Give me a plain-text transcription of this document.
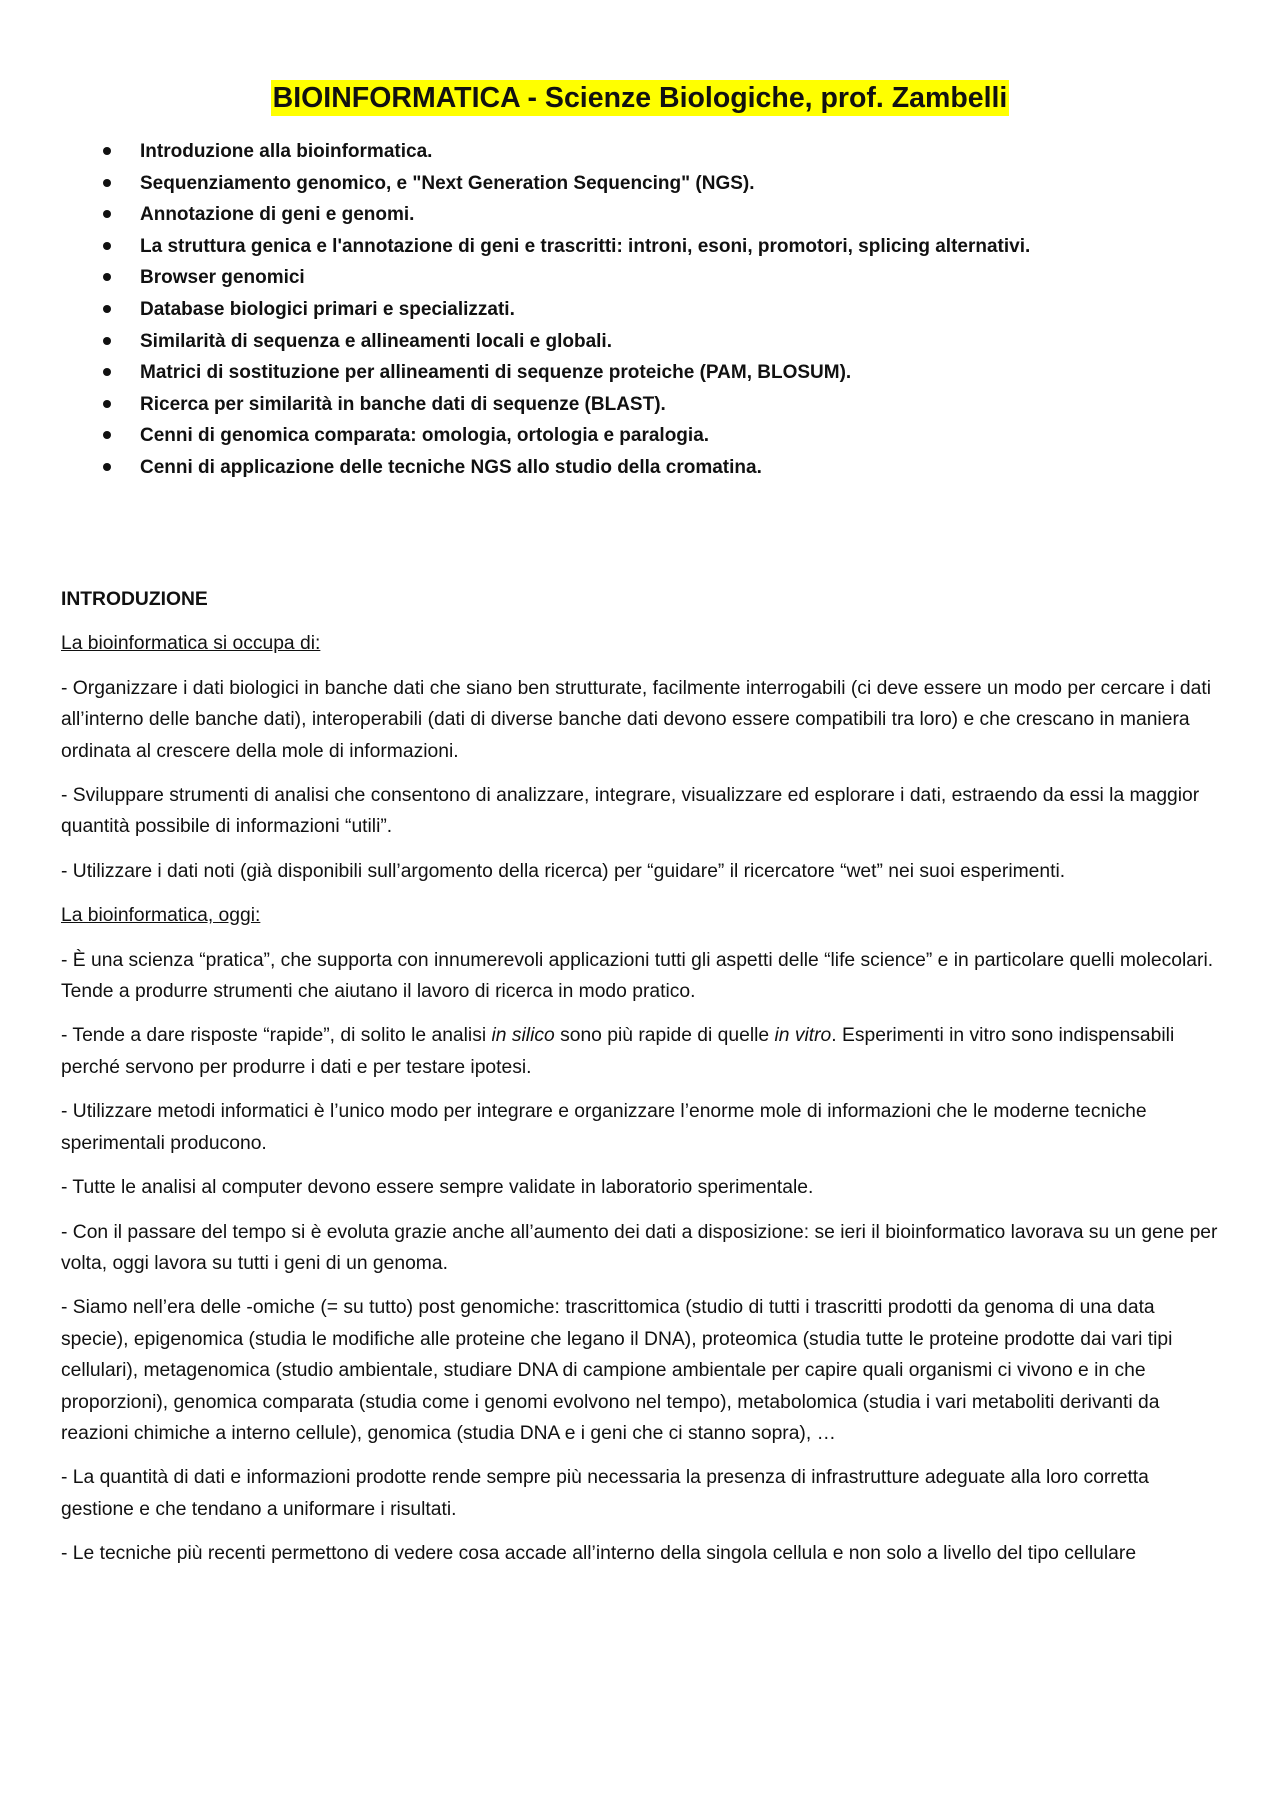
BIOINFORMATICA - Scienze Biologiche, prof. Zambelli
Introduzione alla bioinformatica.
Sequenziamento genomico, e "Next Generation Sequencing" (NGS).
Annotazione di geni e genomi.
La struttura genica e l'annotazione di geni e trascritti: introni, esoni, promotori, splicing alternativi.
Browser genomici
Database biologici primari e specializzati.
Similarità di sequenza e allineamenti locali e globali.
Matrici di sostituzione per allineamenti di sequenze proteiche (PAM, BLOSUM).
Ricerca per similarità in banche dati di sequenze (BLAST).
Cenni di genomica comparata: omologia, ortologia e paralogia.
Cenni di applicazione delle tecniche NGS allo studio della cromatina.
INTRODUZIONE
La bioinformatica si occupa di:

- Organizzare i dati biologici in banche dati che siano ben strutturate, facilmente interrogabili (ci deve essere un modo per cercare i dati all’interno delle banche dati), interoperabili (dati di diverse banche dati devono essere compatibili tra loro) e che crescano in maniera ordinata al crescere della mole di informazioni.

- Sviluppare strumenti di analisi che consentono di analizzare, integrare, visualizzare ed esplorare i dati, estraendo da essi la maggior quantità possibile di informazioni “utili”.

- Utilizzare i dati noti (già disponibili sull’argomento della ricerca) per “guidare” il ricercatore “wet” nei suoi esperimenti.

La bioinformatica, oggi:

- È una scienza “pratica”, che supporta con innumerevoli applicazioni tutti gli aspetti delle “life science” e in particolare quelli molecolari. Tende a produrre strumenti che aiutano il lavoro di ricerca in modo pratico.

- Tende a dare risposte “rapide”, di solito le analisi in silico sono più rapide di quelle in vitro. Esperimenti in vitro sono indispensabili perché servono per produrre i dati e per testare ipotesi.

- Utilizzare metodi informatici è l’unico modo per integrare e organizzare l’enorme mole di informazioni che le moderne tecniche sperimentali producono.

- Tutte le analisi al computer devono essere sempre validate in laboratorio sperimentale.

- Con il passare del tempo si è evoluta grazie anche all’aumento dei dati a disposizione: se ieri il bioinformatico lavorava su un gene per volta, oggi lavora su tutti i geni di un genoma.

- Siamo nell’era delle -omiche (= su tutto) post genomiche: trascrittomica (studio di tutti i trascritti prodotti da genoma di una data specie), epigenomica (studia le modifiche alle proteine che legano il DNA), proteomica (studia tutte le proteine prodotte dai vari tipi cellulari), metagenomica (studio ambientale, studiare DNA di campione ambientale per capire quali organismi ci vivono e in che proporzioni), genomica comparata (studia come i genomi evolvono nel tempo), metabolomica (studia i vari metaboliti derivanti da reazioni chimiche a interno cellule), genomica (studia DNA e i geni che ci stanno sopra), …

- La quantità di dati e informazioni prodotte rende sempre più necessaria la presenza di infrastrutture adeguate alla loro corretta gestione e che tendano a uniformare i risultati.

- Le tecniche più recenti permettono di vedere cosa accade all’interno della singola cellula e non solo a livello del tipo cellulare
